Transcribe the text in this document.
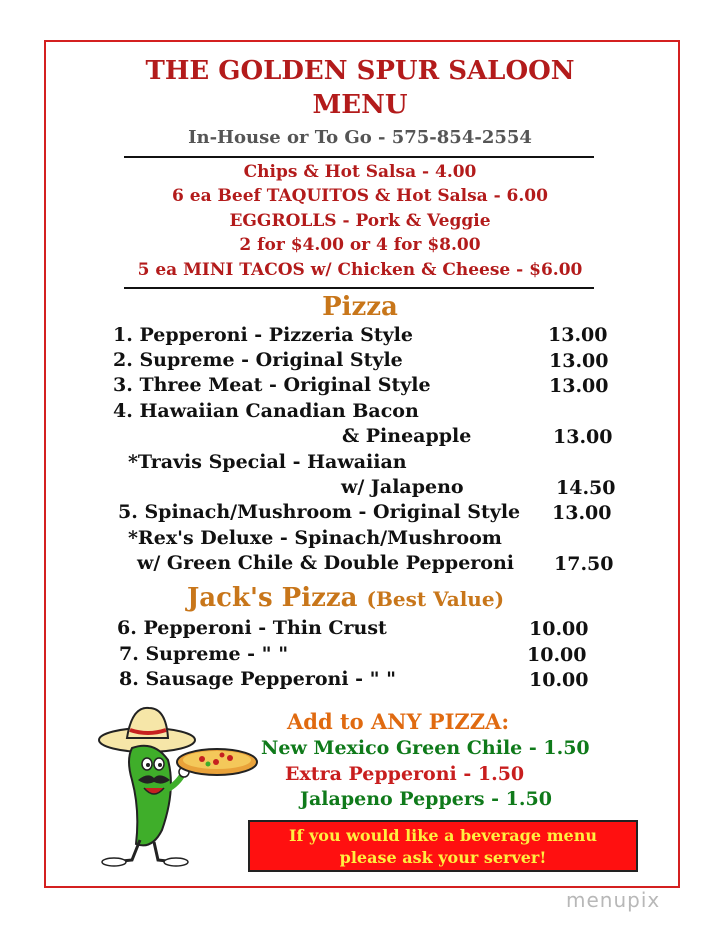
THE GOLDEN SPUR SALOON
MENU
In-House or To Go - 575-854-2554
Chips & Hot Salsa - 4.00
6 ea Beef TAQUITOS & Hot Salsa - 6.00
EGGROLLS - Pork & Veggie
2 for $4.00 or 4 for $8.00
5 ea MINI TACOS w/ Chicken & Cheese - $6.00
Pizza
1. Pepperoni - Pizzeria Style	13.00
2. Supreme - Original Style	13.00
3. Three Meat - Original Style	13.00
4. Hawaiian Canadian Bacon
& Pineapple	13.00
*Travis Special - Hawaiian
w/ Jalapeno	14.50
5. Spinach/Mushroom - Original Style 13.00
*Rex's Deluxe - Spinach/Mushroom
w/ Green Chile & Double Pepperoni 17.50
Jack's Pizza (Best Value)
6. Pepperoni - Thin Crust	10.00
7. Supreme - " "	10.00
8. Sausage Pepperoni - " "	10.00
Add to ANY PIZZA:
New Mexico Green Chile - 1.50
Extra Pepperoni - 1.50
Jalapeno Peppers - 1.50
If you would like a beverage menu
please ask your server!
menupix
